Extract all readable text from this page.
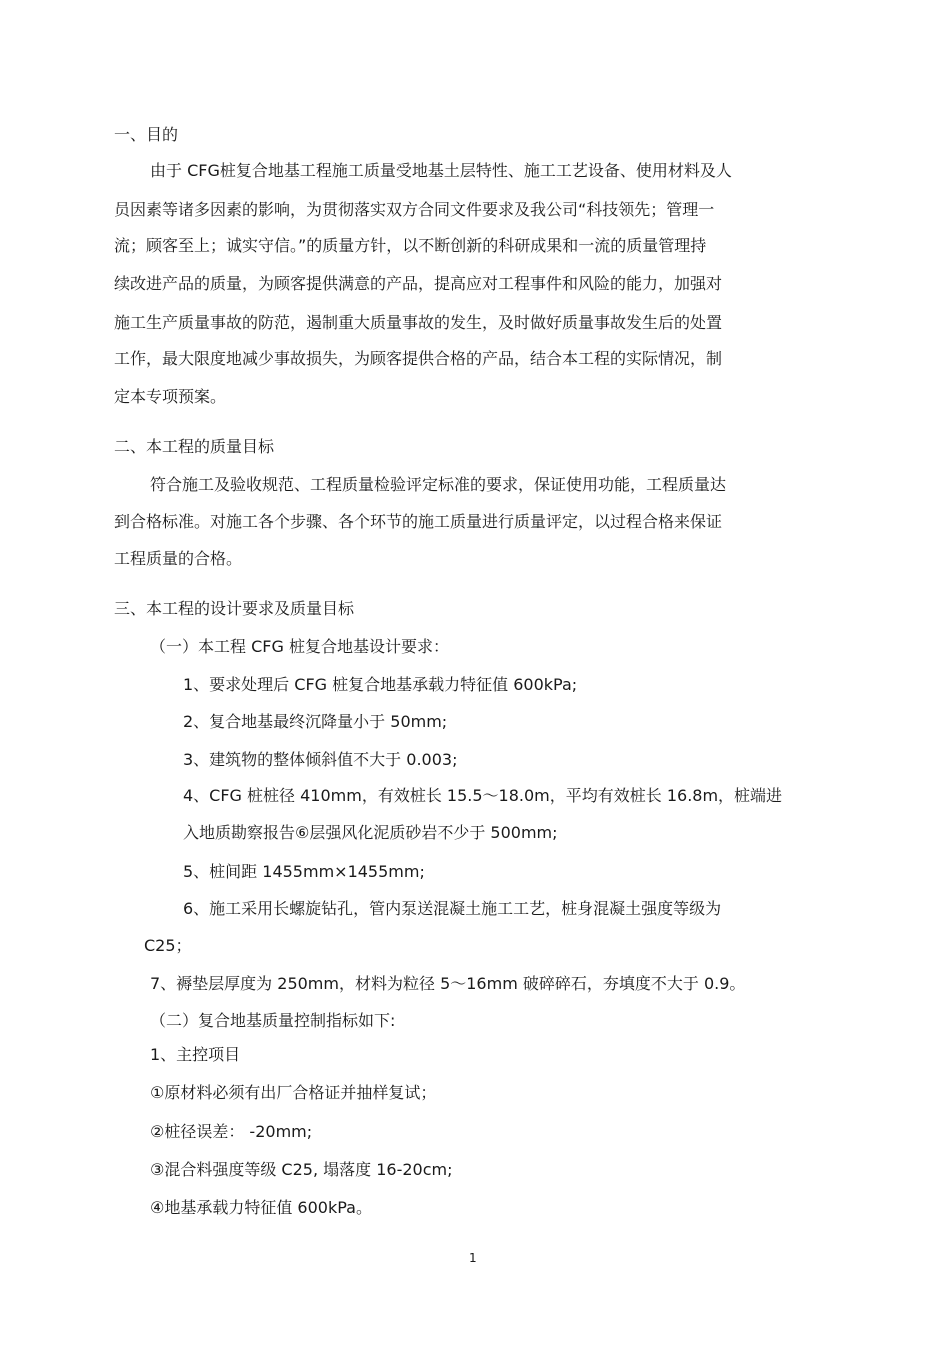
一、目的

由于 CFG桩复合地基工程施工质量受地基土层特性、施工工艺设备、使用材料及人

员因素等诸多因素的影响，为贯彻落实双方合同文件要求及我公司“科技领先；管理一

流；顾客至上；诚实守信。”的质量方针，以不断创新的科研成果和一流的质量管理持

续改进产品的质量，为顾客提供满意的产品，提高应对工程事件和风险的能力，加强对

施工生产质量事故的防范，遏制重大质量事故的发生，及时做好质量事故发生后的处置

工作，最大限度地减少事故损失，为顾客提供合格的产品，结合本工程的实际情况，制

定本专项预案。

二、本工程的质量目标

符合施工及验收规范、工程质量检验评定标准的要求，保证使用功能，工程质量达

到合格标准。对施工各个步骤、各个环节的施工质量进行质量评定，以过程合格来保证

工程质量的合格。

三、本工程的设计要求及质量目标

（一）本工程 CFG 桩复合地基设计要求：

1、要求处理后 CFG 桩复合地基承载力特征值 600kPa;

2、复合地基最终沉降量小于 50mm;

3、建筑物的整体倾斜值不大于 0.003;

4、CFG 桩桩径 410mm，有效桩长 15.5～18.0m，平均有效桩长 16.8m，桩端进

入地质勘察报告⑥层强风化泥质砂岩不少于 500mm;

5、桩间距 1455mm×1455mm;

6、施工采用长螺旋钻孔，管内泵送混凝土施工工艺，桩身混凝土强度等级为

C25；

7、褥垫层厚度为 250mm，材料为粒径 5～16mm 破碎碎石，夯填度不大于 0.9。

（二）复合地基质量控制指标如下:

1、主控项目

①原材料必须有出厂合格证并抽样复试；

②桩径误差： -20mm;

③混合料强度等级 C25, 塌落度 16-20cm;

④地基承载力特征值 600kPa。

1
